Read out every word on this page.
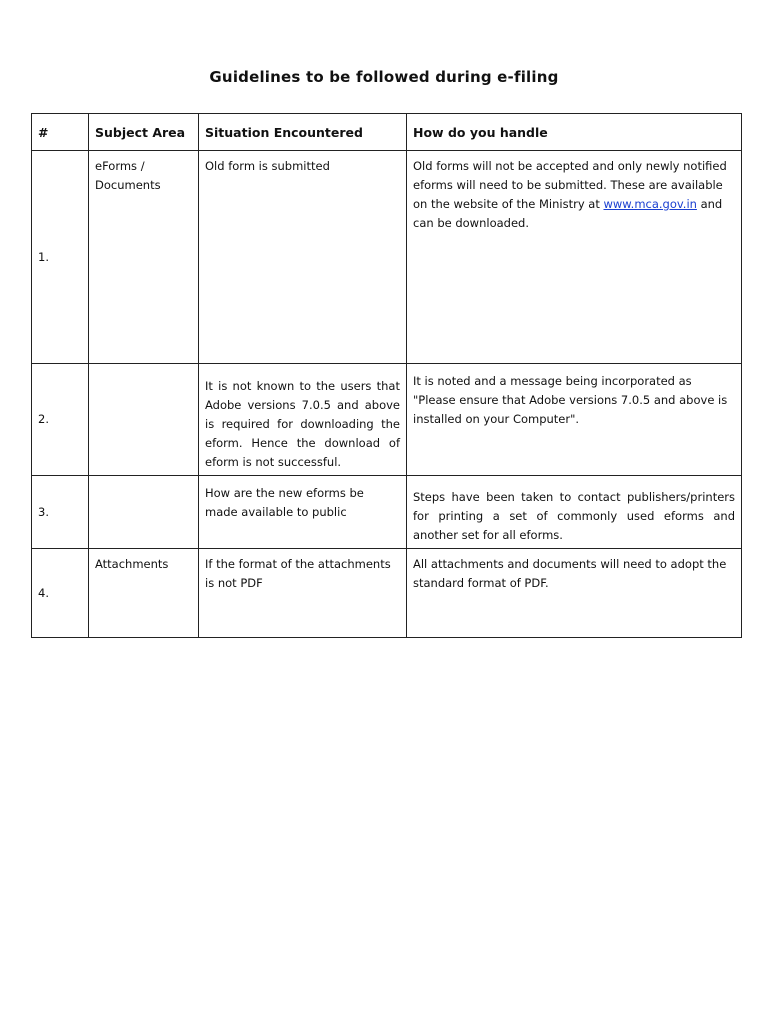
Guidelines to be followed during e-filing
#	Subject Area	Situation Encountered	How do you handle
1.	eForms / Documents	Old form is submitted	Old forms will not be accepted and only newly notified eforms will need to be submitted. These are available on the website of the Ministry at www.mca.gov.in and can be downloaded.
2.		It is not known to the users that Adobe versions 7.0.5 and above is required for downloading the eform. Hence the download of eform is not successful.	It is noted and a message being incorporated as "Please ensure that Adobe versions 7.0.5 and above is installed on your Computer".
3.		How are the new eforms be made available to public	Steps have been taken to contact publishers/printers for printing a set of commonly used eforms and another set for all eforms.
4.	Attachments	If the format of the attachments is not PDF	All attachments and documents will need to adopt the standard format of PDF.
